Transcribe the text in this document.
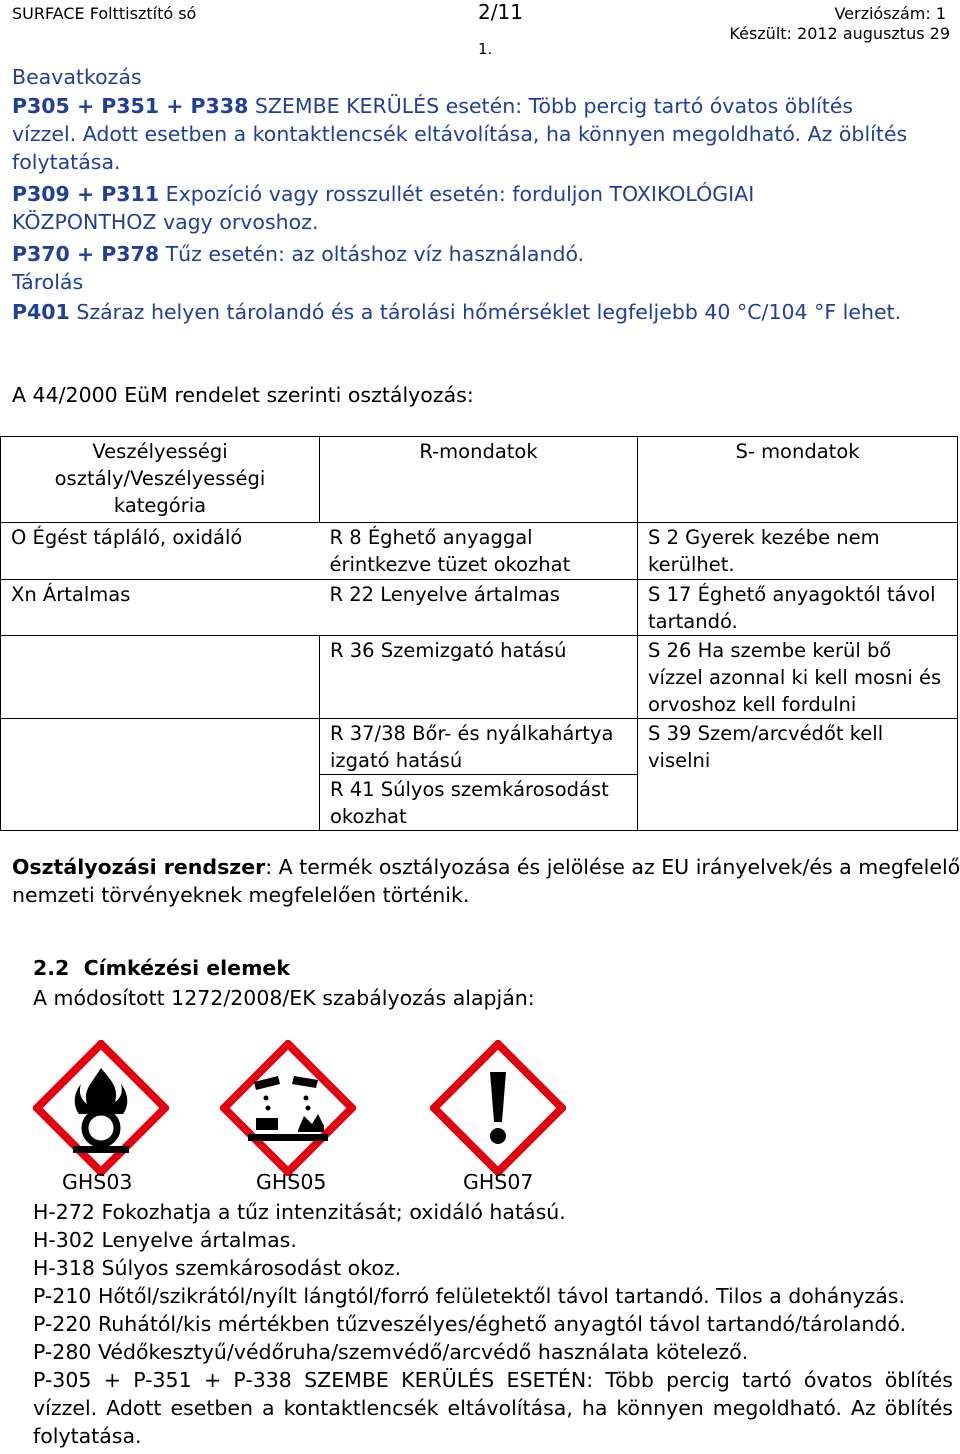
SURFACE Folttisztító só	2/11
1.
Verziószám: 1
Készült: 2012 augusztus 29
Beavatkozás
P305 + P351 + P338 SZEMBE KERÜLÉS esetén: Több percig tartó óvatos öblítés
vízzel. Adott esetben a kontaktlencsék eltávolítása, ha könnyen megoldható. Az öblítés
folytatása.
P309 + P311 Expozíció vagy rosszullét esetén: forduljon TOXIKOLÓGIAI
KÖZPONTHOZ vagy orvoshoz.
P370 + P378 Tűz esetén: az oltáshoz víz használandó.
Tárolás
P401 Száraz helyen tárolandó és a tárolási hőmérséklet legfeljebb 40 °C/104 °F lehet.
A 44/2000 EüM rendelet szerinti osztályozás:
Veszélyességi osztály/Veszélyességi kategória	R-mondatok	S- mondatok
O Égést tápláló, oxidáló	R 8 Éghető anyaggal érintkezve tüzet okozhat	S 2 Gyerek kezébe nem kerülhet.
Xn Ártalmas	R 22 Lenyelve ártalmas	S 17 Éghető anyagoktól távol tartandó.
	R 36 Szemizgató hatású	S 26 Ha szembe kerül bő vízzel azonnal ki kell mosni és orvoshoz kell fordulni
	R 37/38 Bőr- és nyálkahártya izgató hatású	S 39 Szem/arcvédőt kell viselni
	R 41 Súlyos szemkárosodást okozhat	
Osztályozási rendszer: A termék osztályozása és jelölése az EU irányelvek/és a megfelelő
nemzeti törvényeknek megfelelően történik.
2.2 Címkézési elemek
A módosított 1272/2008/EK szabályozás alapján:
GHS03	GHS05	GHS07
H-272 Fokozhatja a tűz intenzitását; oxidáló hatású.
H-302 Lenyelve ártalmas.
H-318 Súlyos szemkárosodást okoz.
P-210 Hőtől/szikrától/nyílt lángtól/forró felületektől távol tartandó. Tilos a dohányzás.
P-220 Ruhától/kis mértékben tűzveszélyes/éghető anyagtól távol tartandó/tárolandó.
P-280 Védőkesztyű/védőruha/szemvédő/arcvédő használata kötelező.
P-305 + P-351 + P-338 SZEMBE KERÜLÉS ESETÉN: Több percig tartó óvatos öblítés
vízzel. Adott esetben a kontaktlencsék eltávolítása, ha könnyen megoldható. Az öblítés
folytatása.
